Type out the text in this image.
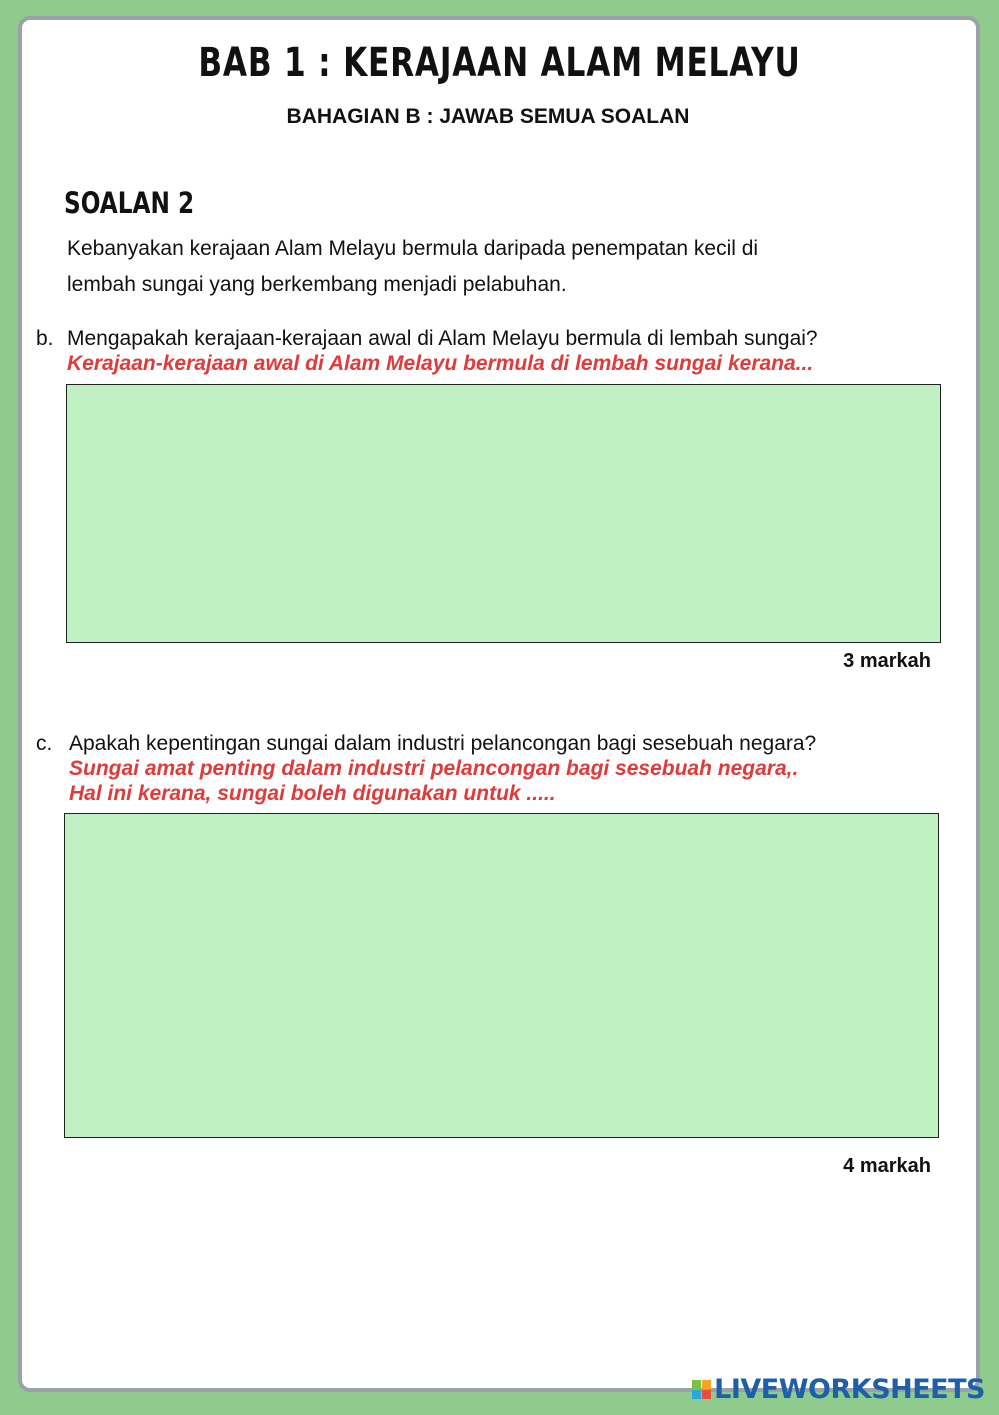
BAB 1 : KERAJAAN ALAM MELAYU
BAHAGIAN B : JAWAB SEMUA SOALAN
SOALAN 2
Kebanyakan kerajaan Alam Melayu bermula daripada penempatan kecil di
lembah sungai yang berkembang menjadi pelabuhan.
b. Mengapakah kerajaan-kerajaan awal di Alam Melayu bermula di lembah sungai?
Kerajaan-kerajaan awal di Alam Melayu bermula di lembah sungai kerana...
3 markah
c. Apakah kepentingan sungai dalam industri pelancongan bagi sesebuah negara?
Sungai amat penting dalam industri pelancongan bagi sesebuah negara,.
Hal ini kerana, sungai boleh digunakan untuk .....
4 markah
LIVEWORKSHEETS
